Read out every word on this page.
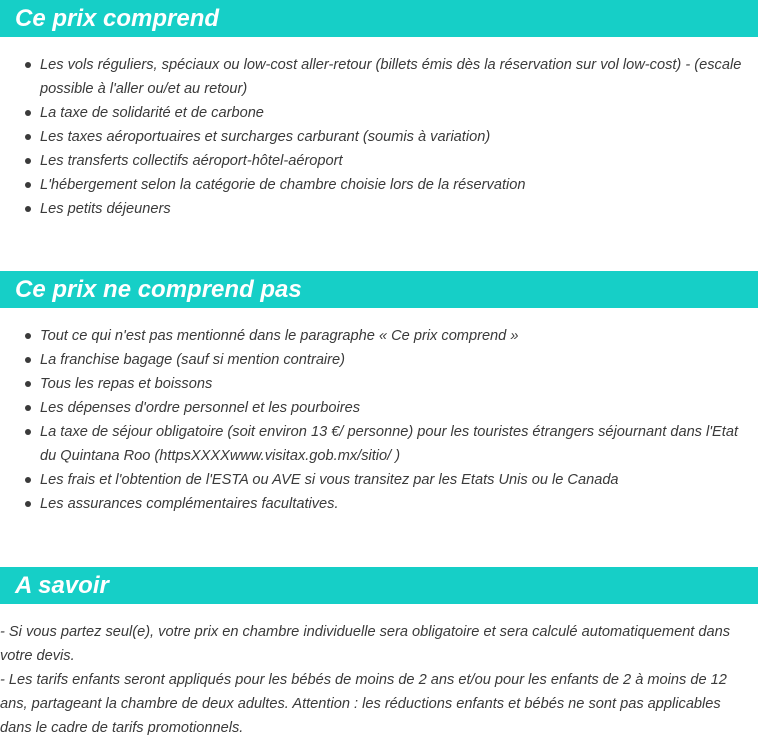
Ce prix comprend
Les vols réguliers, spéciaux ou low-cost aller-retour (billets émis dès la réservation sur vol low-cost) - (escale possible à l'aller ou/et au retour)
La taxe de solidarité et de carbone
Les taxes aéroportuaires et surcharges carburant (soumis à variation)
Les transferts collectifs aéroport-hôtel-aéroport
L'hébergement selon la catégorie de chambre choisie lors de la réservation
Les petits déjeuners
Ce prix ne comprend pas
Tout ce qui n'est pas mentionné dans le paragraphe « Ce prix comprend »
La franchise bagage (sauf si mention contraire)
Tous les repas et boissons
Les dépenses d'ordre personnel et les pourboires
La taxe de séjour obligatoire (soit environ 13 €/ personne) pour les touristes étrangers séjournant dans l'Etat du Quintana Roo (httpsXXXXwww.visitax.gob.mx/sitio/ )
Les frais et l'obtention de l'ESTA ou AVE si vous transitez par les Etats Unis ou le Canada
Les assurances complémentaires facultatives.
A savoir

- Si vous partez seul(e), votre prix en chambre individuelle sera obligatoire et sera calculé automatiquement dans votre devis.

- Les tarifs enfants seront appliqués pour les bébés de moins de 2 ans et/ou pour les enfants de 2 à moins de 12 ans, partageant la chambre de deux adultes. Attention : les réductions enfants et bébés ne sont pas applicables dans le cadre de tarifs promotionnels.
